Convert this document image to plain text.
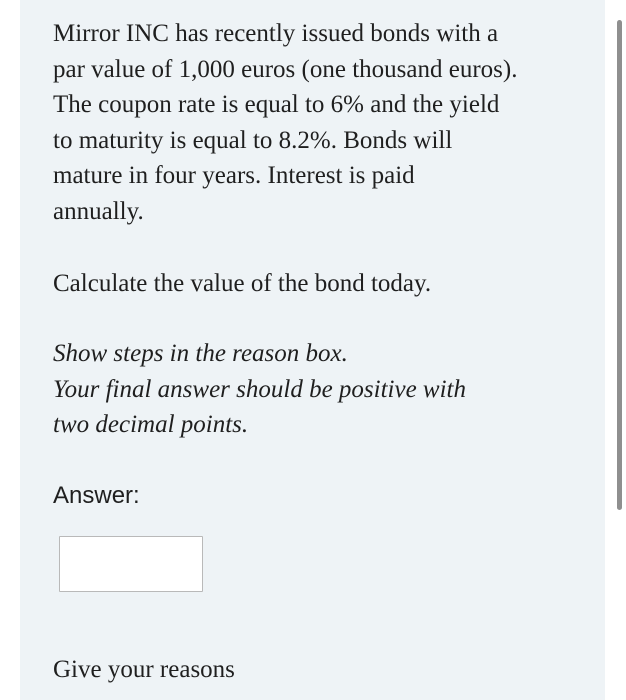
Mirror INC has recently issued bonds with a
par value of 1,000 euros (one thousand euros).
The coupon rate is equal to 6% and the yield
to maturity is equal to 8.2%. Bonds will
mature in four years. Interest is paid
annually.

Calculate the value of the bond today.

Show steps in the reason box.
Your final answer should be positive with
two decimal points.

Answer:

Give your reasons
